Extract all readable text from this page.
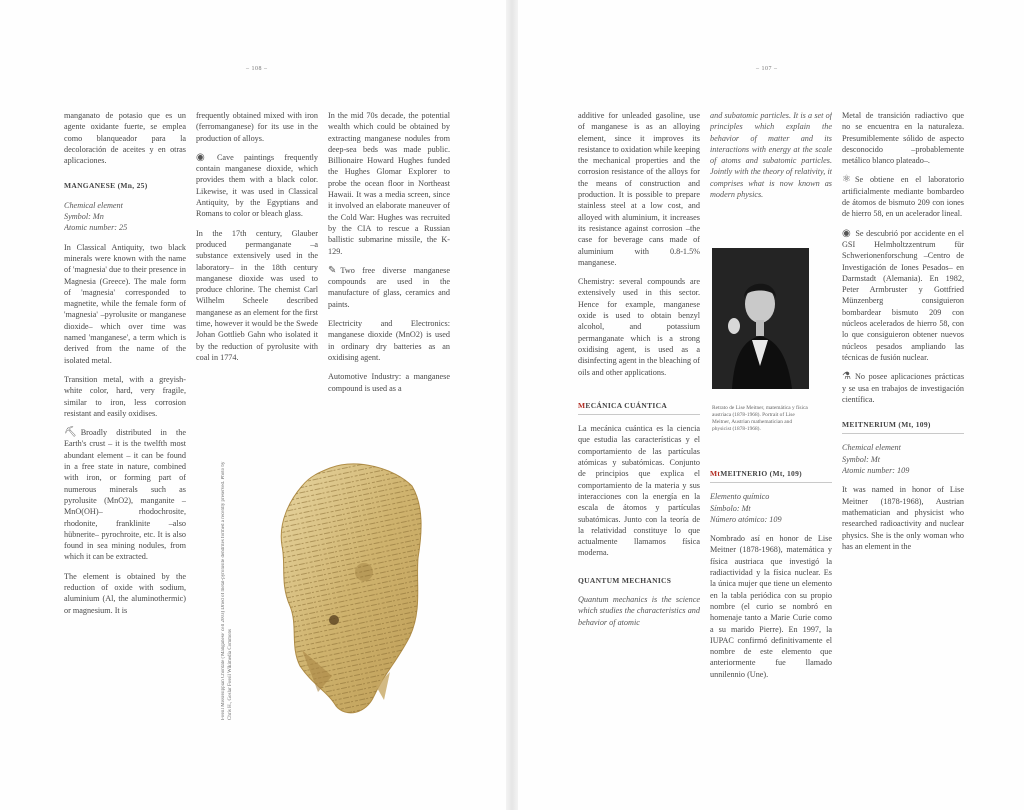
– 108 –	– 107 –

manganato de potasio que es un agente oxidante fuerte, se emplea como blanqueador para la decoloración de aceites y en otras aplicaciones.

MANGANESE (Mn, 25)

Chemical element
Symbol: Mn
Atomic number: 25

In Classical Antiquity, two black minerals were known with the name of 'magnesia' due to their presence in Magnesia (Greece). The male form of 'magnesia' corresponded to magnetite, while the female form of 'magnesia' –pyrolusite or manganese dioxide– which over time was named 'manganese', a term which is derived from the name of the isolated metal.

Transition metal, with a greyish-white color, hard, very fragile, similar to iron, less corrosion resistant and easily oxidises.

⛏ Broadly distributed in the Earth's crust – it is the twelfth most abundant element – it can be found in a free state in nature, combined with iron, or forming part of numerous minerals such as pyrolusite (MnO2), manganite –MnO(OH)– rhodochrosite, rhodonite, franklinite –also hübnerite– pyrochroite, etc. It is also found in sea mining nodules, from which it can be extracted.

The element is obtained by the reduction of oxide with sodium, aluminium (Al, the aluminothermic) or magnesium. It is

frequently obtained mixed with iron (ferromanganese) for its use in the production of alloys.

◉ Cave paintings frequently contain manganese dioxide, which provides them with a black color. Likewise, it was used in Classical Antiquity, by the Egyptians and Romans to color or bleach glass.

In the 17th century, Glauber produced permanganate –a substance extensively used in the laboratory– in the 18th century manganese dioxide was used to produce chlorine. The chemist Carl Wilhelm Scheele described manganese as an element for the first time, however it would be the Swede Johan Gottlieb Gahn who isolated it by the reduction of pyrolusite with coal in 1774.

Fossil Mississippian Chordate ('Manganese' cell 2003) Dried of metal-pyrolusite dendrites formed a recently preserved. Photo by Chris H., Goslar Fossil Wikimedia Commons

In the mid 70s decade, the potential wealth which could be obtained by extracting manganese nodules from deep-sea beds was made public. Billionaire Howard Hughes funded the Hughes Glomar Explorer to probe the ocean floor in Northeast Hawaii. It was a media screen, since it involved an elaborate maneuver of the Cold War: Hughes was recruited by the CIA to rescue a Russian ballistic submarine missile, the K-129.

✎ Two free diverse manganese compounds are used in the manufacture of glass, ceramics and paints.

Electricity and Electronics: manganese dioxide (MnO2) is used in ordinary dry batteries as an oxidising agent.

Automotive Industry: a manganese compound is used as a

additive for unleaded gasoline, use of manganese is as an alloying element, since it improves its resistance to oxidation while keeping the mechanical properties and the corrosion resistance of the alloys for the means of construction and production. It is possible to prepare stainless steel at a low cost, and alloyed with aluminium, it increases its resistance against corrosion –the case for beverage cans made of aluminium with 0.8-1.5% manganese.

Chemistry: several compounds are extensively used in this sector. Hence for example, manganese oxide is used to obtain benzyl alcohol, and potassium permanganate which is a strong oxidising agent, is used as a disinfecting agent in the bleaching of oils and other applications.

MECÁNICA CUÁNTICA

La mecánica cuántica es la ciencia que estudia las características y el comportamiento de las partículas atómicas y subatómicas. Conjunto de principios que explica el comportamiento de la materia y sus interacciones con la energía en la escala de átomos y partículas subatómicas. Junto con la teoría de la relatividad constituye lo que actualmente llamamos física moderna.

QUANTUM MECHANICS

Quantum mechanics is the science which studies the characteristics and behavior of atomic

and subatomic particles. It is a set of principles which explain the behavior of matter and its interactions with energy at the scale of atoms and subatomic particles. Jointly with the theory of relativity, it comprises what is now known as modern physics.

Retrato de Lise Meitner, matemática y física austriaca (1878-1968). Portrait of Lise Meitner, Austrian mathematician and physicist (1878-1968).

MtMEITNERIO (Mt, 109)

Elemento químico
Símbolo: Mt
Número atómico: 109

Nombrado así en honor de Lise Meitner (1878-1968), matemática y física austriaca que investigó la radiactividad y la física nuclear. Es la única mujer que tiene un elemento en la tabla periódica con su propio nombre (el curio se nombró en homenaje tanto a Marie Curie como a su marido Pierre). En 1997, la IUPAC confirmó definitivamente el nombre de este elemento que anteriormente fue llamado unnilennio (Une).

Metal de transición radiactivo que no se encuentra en la naturaleza. Presumiblemente sólido de aspecto desconocido –probablemente metálico blanco plateado–.

⚛ Se obtiene en el laboratorio artificialmente mediante bombardeo de átomos de bismuto 209 con iones de hierro 58, en un acelerador lineal.

◉ Se descubrió por accidente en el GSI Helmholtzzentrum für Schwerionenforschung –Centro de Investigación de Iones Pesados– en Darmstadt (Alemania). En 1982, Peter Armbruster y Gottfried Münzenberg consiguieron bombardear bismuto 209 con núcleos acelerados de hierro 58, con lo que consiguieron obtener nuevos núcleos pesados ampliando las técnicas de fusión nuclear.

⚗ No posee aplicaciones prácticas y se usa en trabajos de investigación científica.

MEITNERIUM (Mt, 109)

Chemical element
Symbol: Mt
Atomic number: 109

It was named in honor of Lise Meitner (1878-1968), Austrian mathematician and physicist who researched radioactivity and nuclear physics. She is the only woman who has an element in the
